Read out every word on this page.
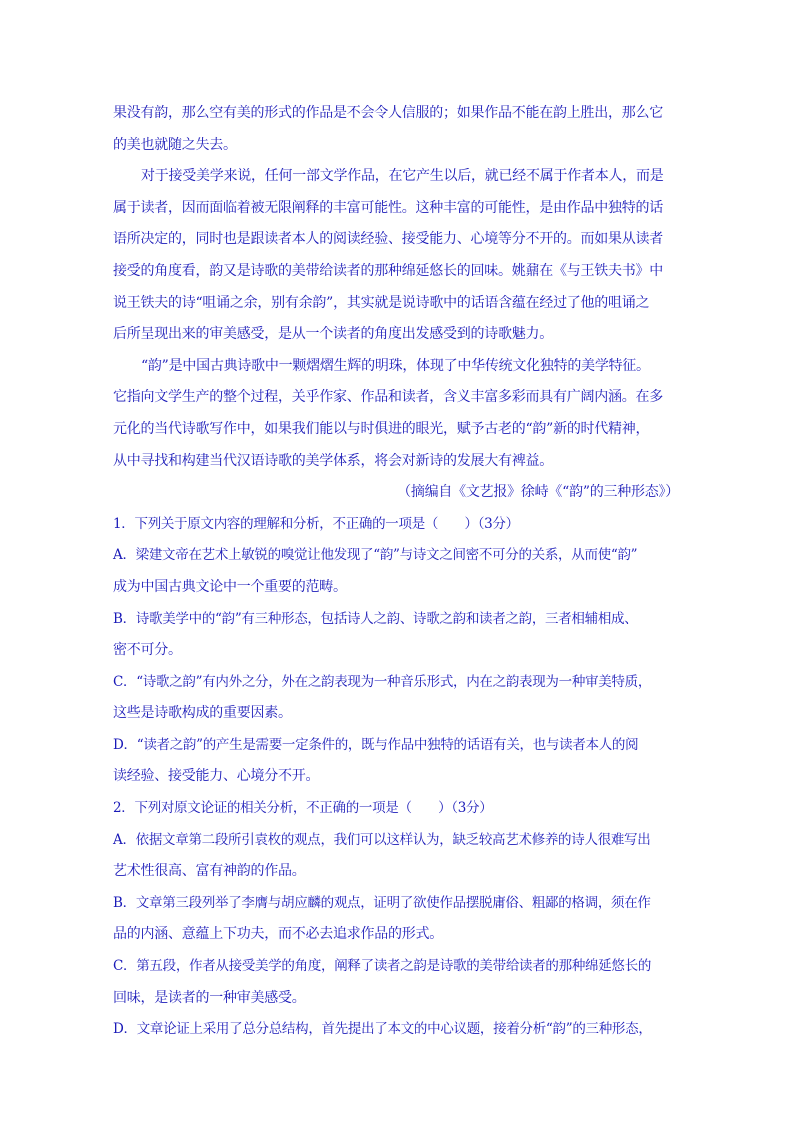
果没有韵，那么空有美的形式的作品是不会令人信服的；如果作品不能在韵上胜出，那么它
的美也就随之失去。
对于接受美学来说，任何一部文学作品，在它产生以后，就已经不属于作者本人，而是
属于读者，因而面临着被无限阐释的丰富可能性。这种丰富的可能性，是由作品中独特的话
语所决定的，同时也是跟读者本人的阅读经验、接受能力、心境等分不开的。而如果从读者
接受的角度看，韵又是诗歌的美带给读者的那种绵延悠长的回味。姚鼐在《与王铁夫书》中
说王铁夫的诗“咀诵之余，别有余韵”，其实就是说诗歌中的话语含蕴在经过了他的咀诵之
后所呈现出来的审美感受，是从一个读者的角度出发感受到的诗歌魅力。
“韵”是中国古典诗歌中一颗熠熠生辉的明珠，体现了中华传统文化独特的美学特征。
它指向文学生产的整个过程，关乎作家、作品和读者，含义丰富多彩而具有广阔内涵。在多
元化的当代诗歌写作中，如果我们能以与时俱进的眼光，赋予古老的“韵”新的时代精神，
从中寻找和构建当代汉语诗歌的美学体系，将会对新诗的发展大有裨益。
（摘编自《文艺报》徐峙《“韵”的三种形态》）
1．下列关于原文内容的理解和分析，不正确的一项是（　　）（3分）
A．梁建文帝在艺术上敏锐的嗅觉让他发现了“韵”与诗文之间密不可分的关系，从而使“韵”
成为中国古典文论中一个重要的范畴。
B．诗歌美学中的“韵”有三种形态，包括诗人之韵、诗歌之韵和读者之韵，三者相辅相成、
密不可分。
C．“诗歌之韵”有内外之分，外在之韵表现为一种音乐形式，内在之韵表现为一种审美特质，
这些是诗歌构成的重要因素。
D．“读者之韵”的产生是需要一定条件的，既与作品中独特的话语有关，也与读者本人的阅
读经验、接受能力、心境分不开。
2．下列对原文论证的相关分析，不正确的一项是（　　）（3分）
A．依据文章第二段所引袁枚的观点，我们可以这样认为，缺乏较高艺术修养的诗人很难写出
艺术性很高、富有神韵的作品。
B．文章第三段列举了李膺与胡应麟的观点，证明了欲使作品摆脱庸俗、粗鄙的格调，须在作
品的内涵、意蕴上下功夫，而不必去追求作品的形式。
C．第五段，作者从接受美学的角度，阐释了读者之韵是诗歌的美带给读者的那种绵延悠长的
回味，是读者的一种审美感受。
D．文章论证上采用了总分总结构，首先提出了本文的中心议题，接着分析“韵”的三种形态，
